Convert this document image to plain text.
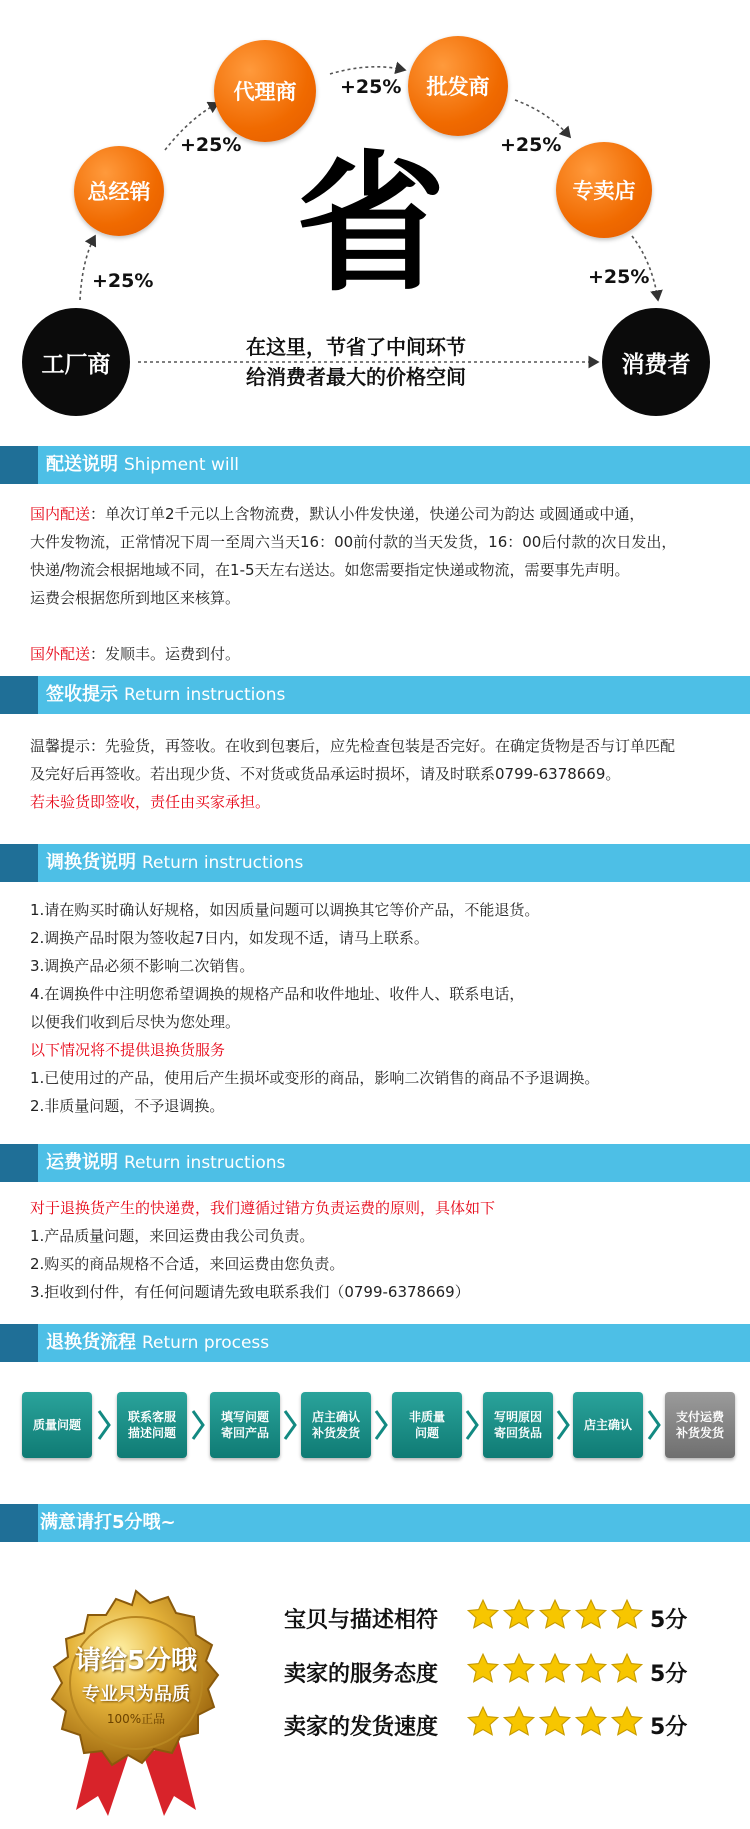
工厂商
总经销
代理商	批发商
专卖店
消费者
+25%
+25%
+25%
+25%
+25%
省
在这里，节省了中间环节
给消费者最大的价格空间
配送说明 Shipment will
国内配送：单次订单2千元以上含物流费，默认小件发快递，快递公司为韵达 或圆通或中通，
大件发物流，正常情况下周一至周六当天16：00前付款的当天发货，16：00后付款的次日发出，
快递/物流会根据地域不同，在1-5天左右送达。如您需要指定快递或物流，需要事先声明。
运费会根据您所到地区来核算。

国外配送：发顺丰。运费到付。
签收提示 Return instructions
温馨提示：先验货，再签收。在收到包裹后，应先检查包装是否完好。在确定货物是否与订单匹配
及完好后再签收。若出现少货、不对货或货品承运时损坏，请及时联系0799-6378669。
若未验货即签收，责任由买家承担。
调换货说明 Return instructions
1.请在购买时确认好规格，如因质量问题可以调换其它等价产品，不能退货。
2.调换产品时限为签收起7日内，如发现不适，请马上联系。
3.调换产品必须不影响二次销售。
4.在调换件中注明您希望调换的规格产品和收件地址、收件人、联系电话，
以便我们收到后尽快为您处理。
以下情况将不提供退换货服务
1.已使用过的产品，使用后产生损坏或变形的商品，影响二次销售的商品不予退调换。
2.非质量问题，不予退调换。
运费说明 Return instructions
对于退换货产生的快递费，我们遵循过错方负责运费的原则，具体如下
1.产品质量问题，来回运费由我公司负责。
2.购买的商品规格不合适，来回运费由您负责。
3.拒收到付件，有任何问题请先致电联系我们（0799-6378669）
退换货流程 Return process
质量问题
联系客服
描述问题
填写问题
寄回产品
店主确认
补货发货
非质量
问题
写明原因
寄回货品
店主确认
支付运费
补货发货
满意请打5分哦~
请给5分哦
专业只为品质
100%正品
宝贝与描述相符	5分
卖家的服务态度	5分
卖家的发货速度	5分
